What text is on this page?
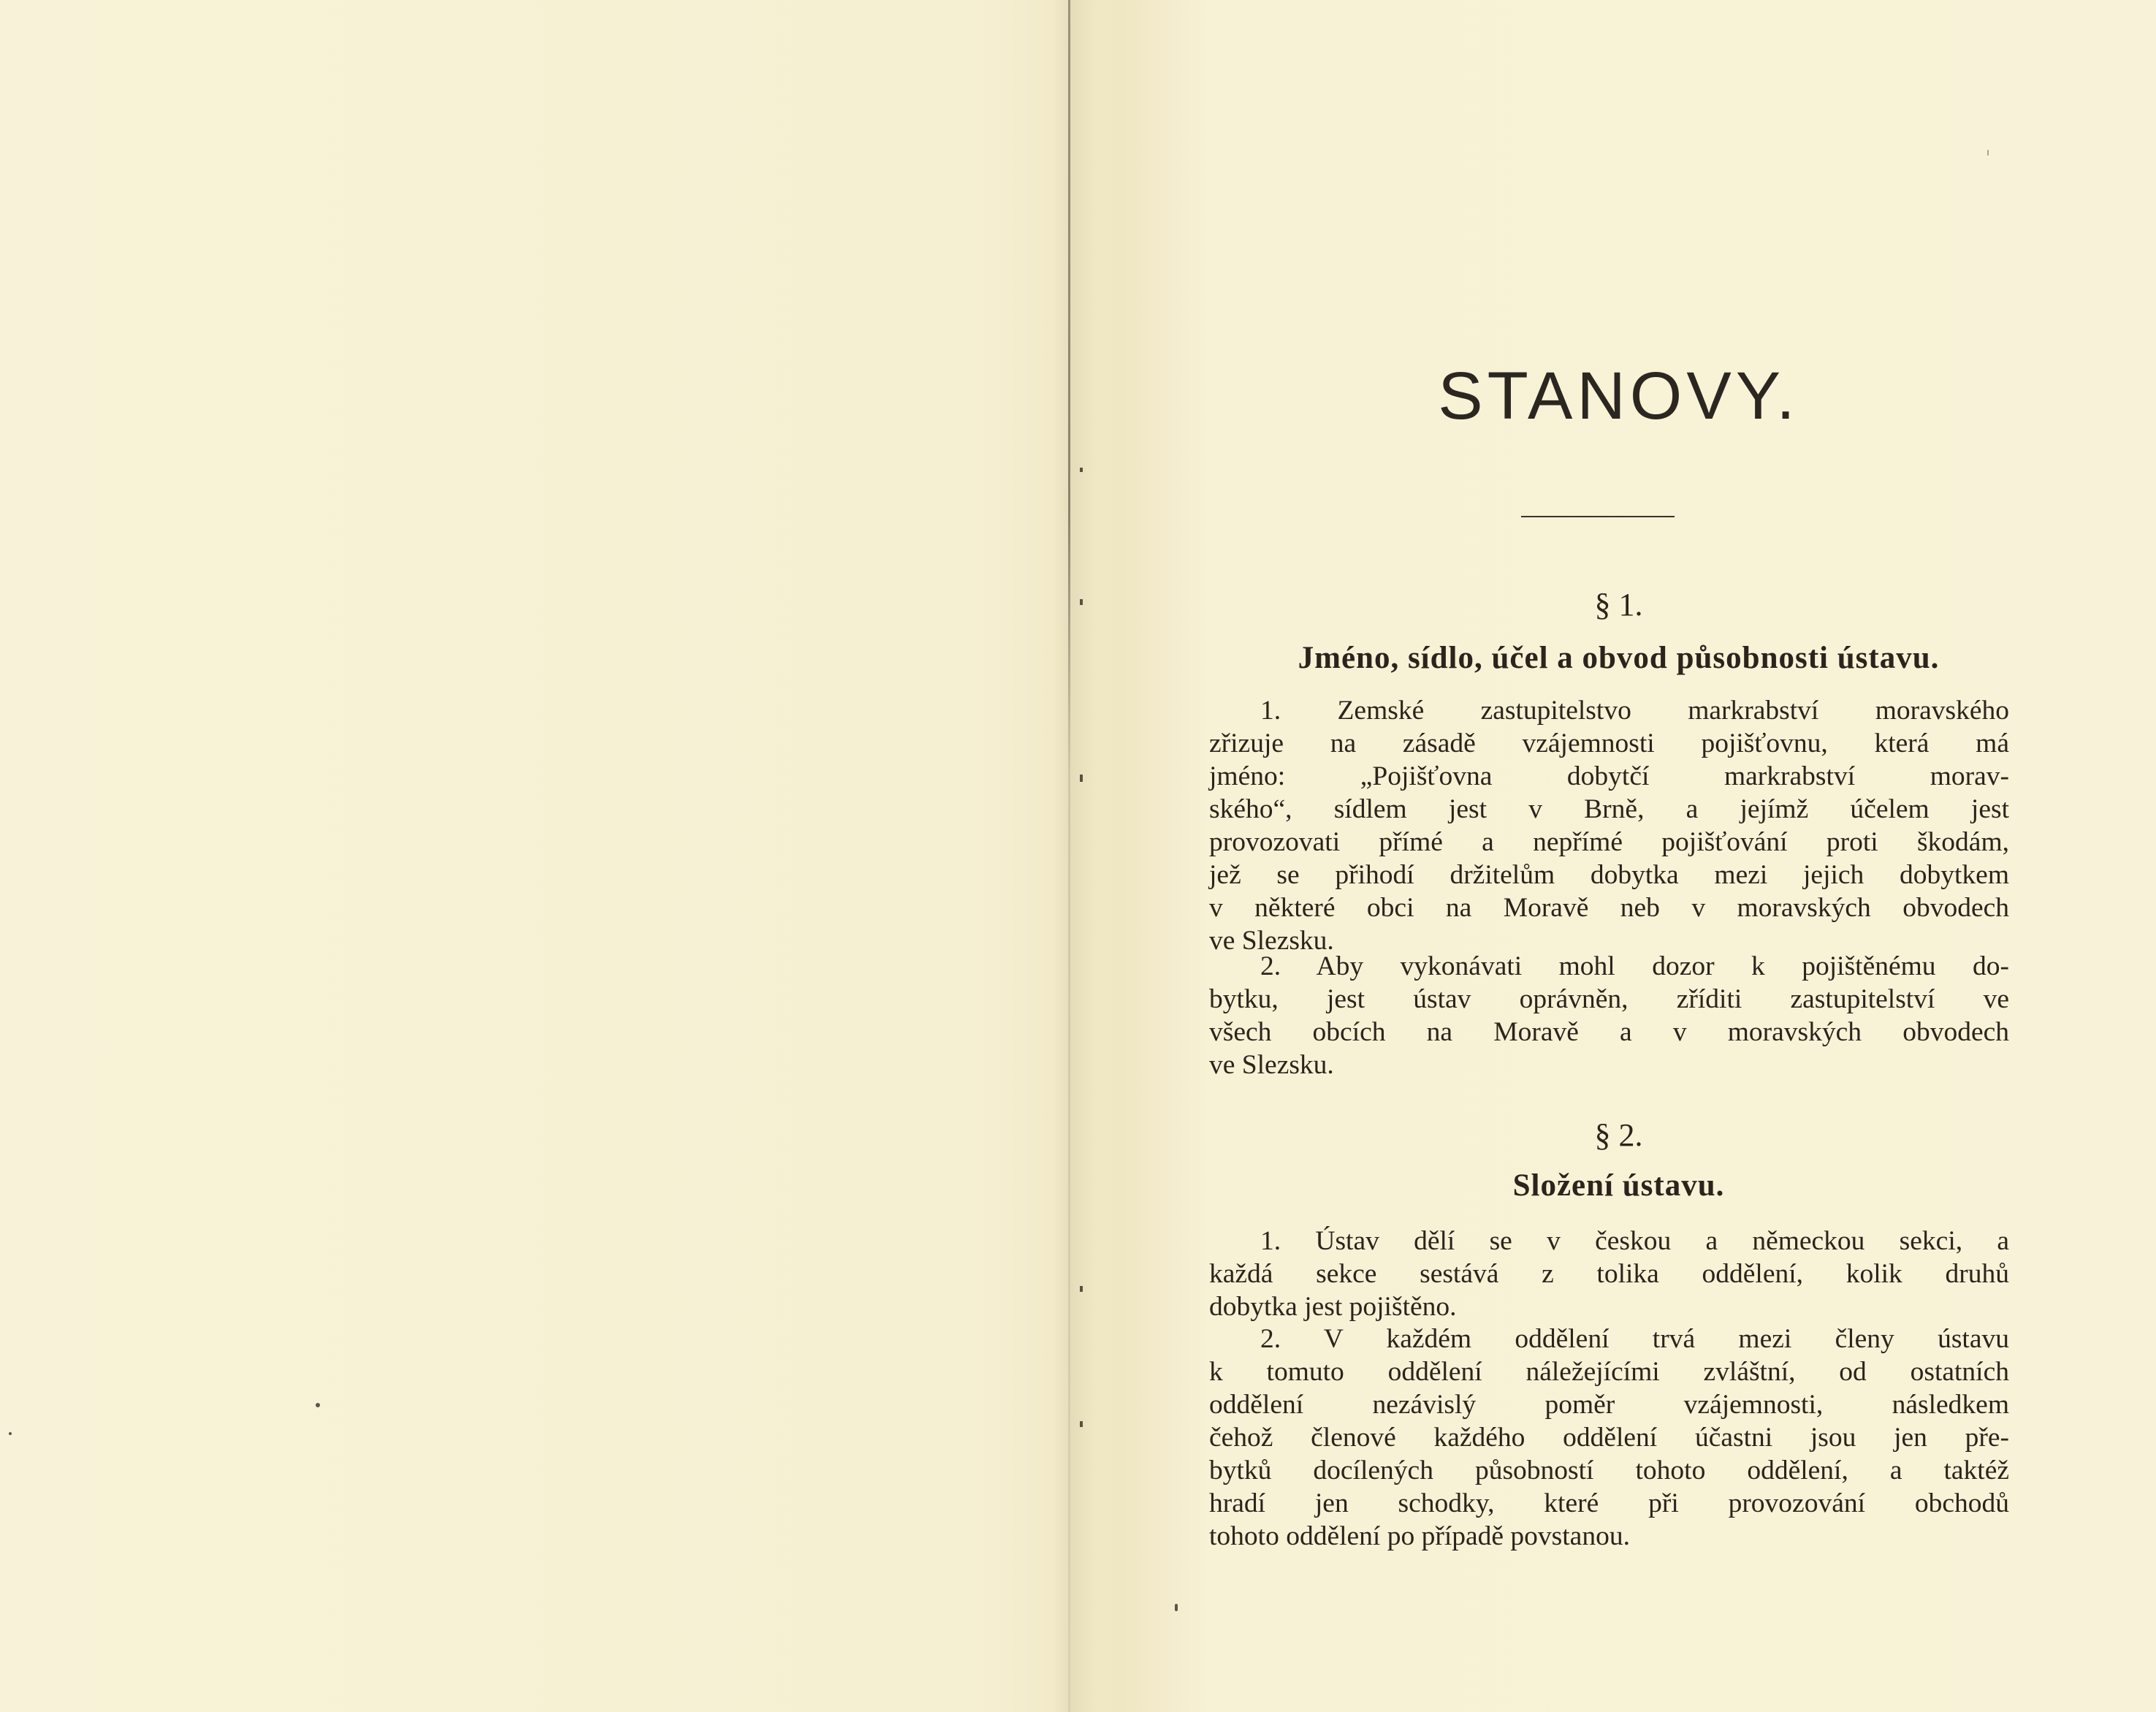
STANOVY.
§ 1.
Jméno, sídlo, účel a obvod působnosti ústavu.
1. Zemské zastupitelstvo markrabství moravského
zřizuje na zásadě vzájemnosti pojišťovnu, která má
jméno: „Pojišťovna dobytčí markrabství morav-
ského“, sídlem jest v Brně, a jejímž účelem jest
provozovati přímé a nepřímé pojišťování proti škodám,
jež se přihodí držitelům dobytka mezi jejich dobytkem
v některé obci na Moravě neb v moravských obvodech
ve Slezsku.
2. Aby vykonávati mohl dozor k pojištěnému do-
bytku, jest ústav oprávněn, zříditi zastupitelství ve
všech obcích na Moravě a v moravských obvodech
ve Slezsku.
§ 2.
Složení ústavu.
1. Ústav dělí se v českou a německou sekci, a
každá sekce sestává z tolika oddělení, kolik druhů
dobytka jest pojištěno.
2. V každém oddělení trvá mezi členy ústavu
k tomuto oddělení náležejícími zvláštní, od ostatních
oddělení nezávislý poměr vzájemnosti, následkem
čehož členové každého oddělení účastni jsou jen pře-
bytků docílených působností tohoto oddělení, a taktéž
hradí jen schodky, které při provozování obchodů
tohoto oddělení po případě povstanou.
